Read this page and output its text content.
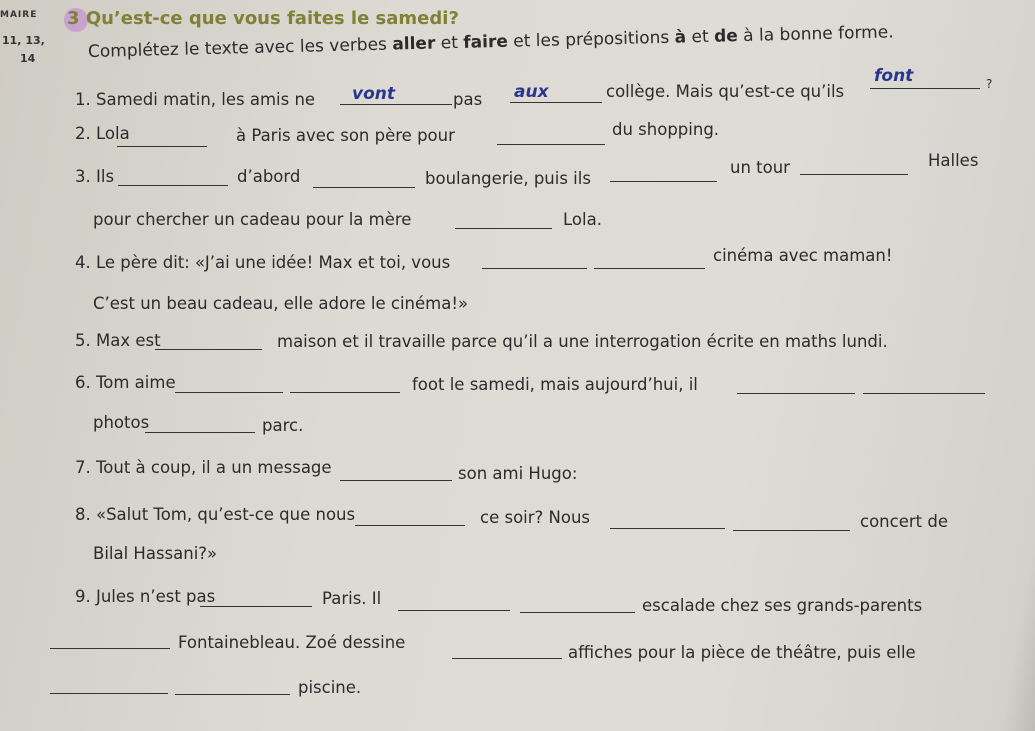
MAIRE 3 Qu’est-ce que vous faites le samedi?
11, 13,
14	Complétez le texte avec les verbes aller et faire et les prépositions à et de à la bonne forme.
1. Samedi matin, les amis ne vont	pas aux	collège. Mais qu’est-ce qu’ils
font	?
2. Lola	à Paris avec son père pour	du shopping.
3. Ils	d’abord	boulangerie, puis ils
un tour	Halles
pour chercher un cadeau pour la mère	Lola.
4. Le père dit: «J’ai une idée! Max et toi, vous	cinéma avec maman!
C’est un beau cadeau, elle adore le cinéma!»
5. Max est	maison et il travaille parce qu’il a une interrogation écrite en maths lundi.
6. Tom aime	foot le samedi, mais aujourd’hui, il
photos	parc.
7. Tout à coup, il a un message	son ami Hugo:
8. «Salut Tom, qu’est-ce que nous	ce soir? Nous	concert de
Bilal Hassani?»
9. Jules n’est pas	Paris. Il	escalade chez ses grands-parents
Fontainebleau. Zoé dessine
affiches pour la pièce de théâtre, puis elle
piscine.
